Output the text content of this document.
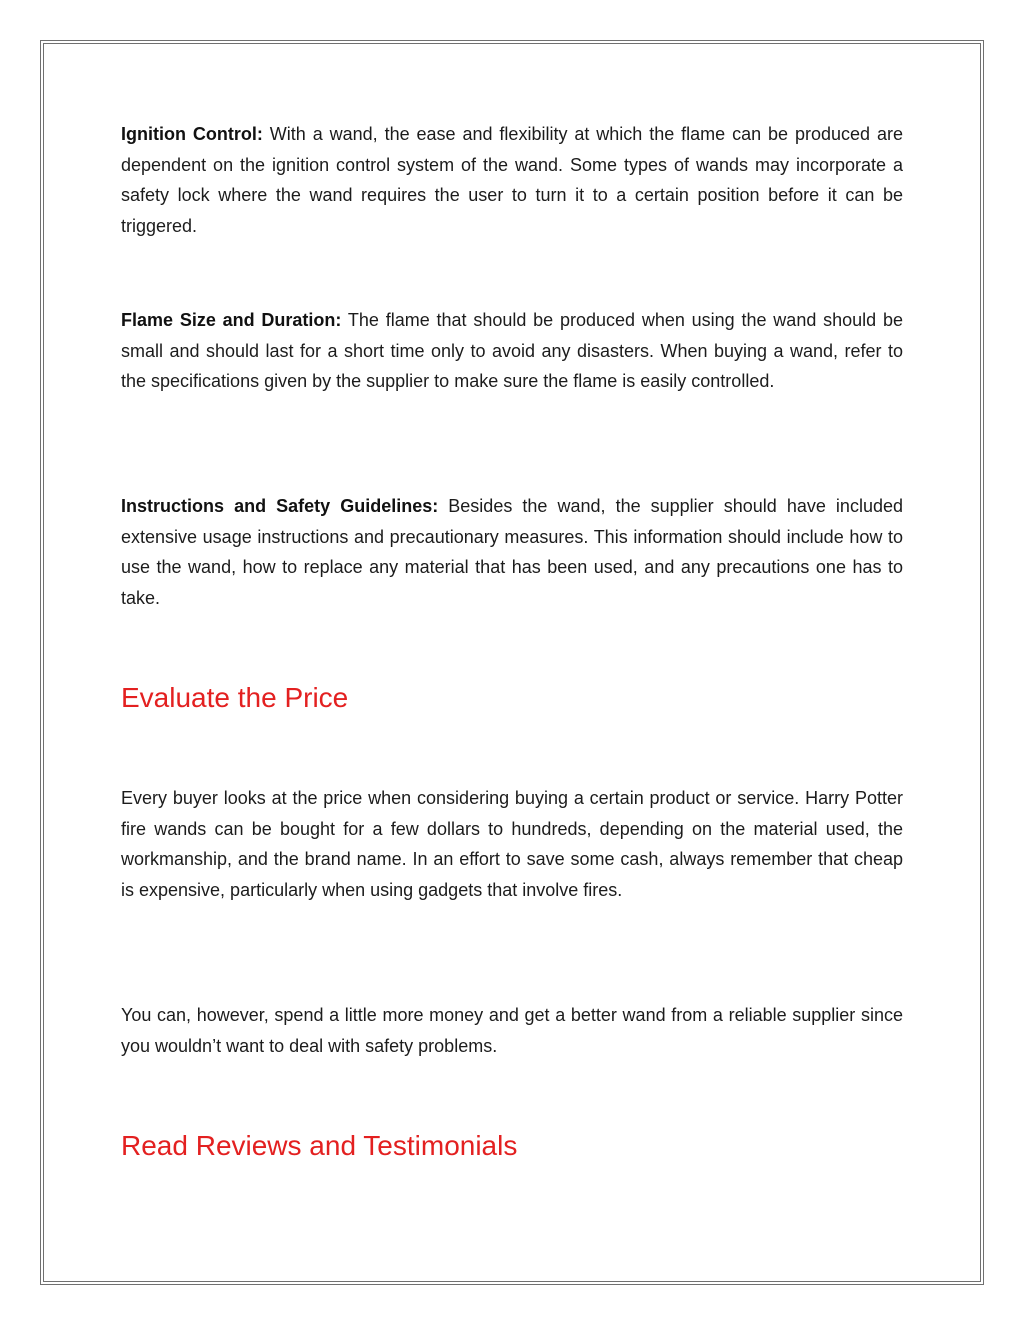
Ignition Control: With a wand, the ease and flexibility at which the flame can be produced are dependent on the ignition control system of the wand. Some types of wands may incorporate a safety lock where the wand requires the user to turn it to a certain position before it can be triggered.

Flame Size and Duration: The flame that should be produced when using the wand should be small and should last for a short time only to avoid any disasters. When buying a wand, refer to the specifications given by the supplier to make sure the flame is easily controlled.

Instructions and Safety Guidelines: Besides the wand, the supplier should have included extensive usage instructions and precautionary measures. This information should include how to use the wand, how to replace any material that has been used, and any precautions one has to take.

Evaluate the Price

Every buyer looks at the price when considering buying a certain product or service. Harry Potter fire wands can be bought for a few dollars to hundreds, depending on the material used, the workmanship, and the brand name. In an effort to save some cash, always remember that cheap is expensive, particularly when using gadgets that involve fires.

You can, however, spend a little more money and get a better wand from a reliable supplier since you wouldn’t want to deal with safety problems.

Read Reviews and Testimonials
